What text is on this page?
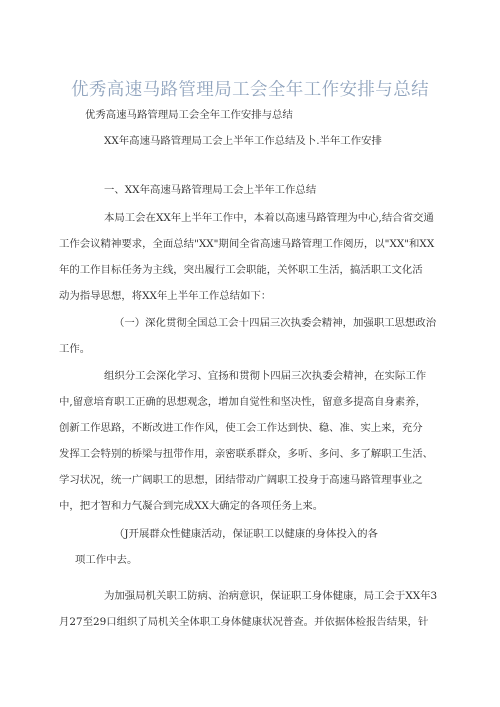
优秀高速马路管理局工会全年工作安排与总结
优秀高速马路管理局工会全年工作安排与总结
XX年高速马路管理局工会上半年工作总结及卜.半年工作安排
一、XX年高速马路管理局工会上半年工作总结
本局工会在XX年上半年工作中，本着以高速马路管理为中心,结合省交通
工作会议精神要求，全面总结"XX"期间全省高速马路管理工作阅历，以"XX"和XX
年的工作目标任务为主线，突出履行工会职能，关怀职工生活，搞活职工文化活
动为指导思想，将XX年上半年工作总结如下：
（一）深化贯彻全国总工会十四届三次执委会精神，加强职工思想政治
工作。
组织分工会深化学习、宜扬和贯彻卜四届三次执委会精神，在实际工作
中,留意培育职工正确的思想观念，增加自觉性和坚决性，留意多提高自身素养，
创新工作思路，不断改进工作作风，使工会工作达到快、稳、准、实上来，充分
发挥工会特别的桥梁与扭带作用，亲密联系群众，多听、多问、多了解职工生活、
学习状况，统一广阔职工的思想，团结带动广阔职工投身于高速马路管理事业之
中，把才智和力气凝合到完成XX大确定的各项任务上来。
（J开展群众性健康活动，保证职工以健康的身体投入的各
项工作中去。
为加强局机关职工防病、治病意识，保证职工身体健康，局工会于XX年3
月27至29口组织了局机关全体职工身体健康状况普查。并依据体检报告结果，针
